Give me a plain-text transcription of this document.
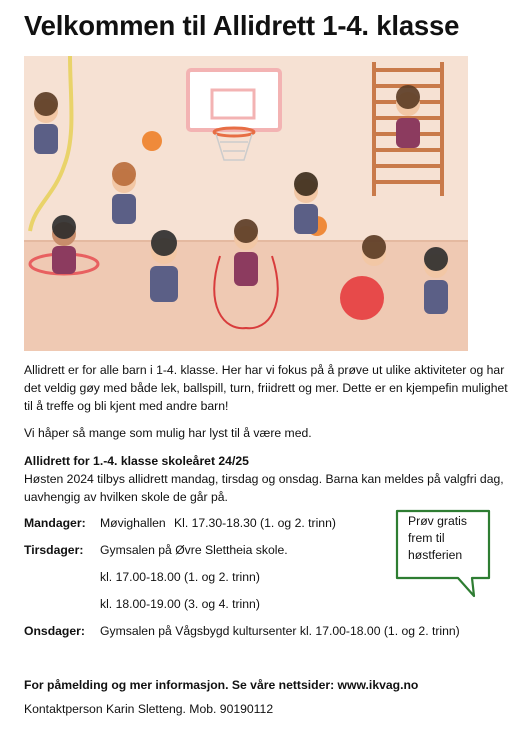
Velkommen til Allidrett 1-4. klasse
Allidrett er for alle barn i 1-4. klasse. Her har vi fokus på å prøve ut ulike aktiviteter og har det veldig gøy med både lek, ballspill, turn, friidrett og mer. Dette er en kjempefin mulighet til å treffe og bli kjent med andre barn!
Vi håper så mange som mulig har lyst til å være med.
Allidrett for 1.-4. klasse skoleåret 24/25
Høsten 2024 tilbys allidrett mandag, tirsdag og onsdag. Barna kan meldes på valgfri dag, uavhengig av hvilken skole de går på.
Mandager: Møvighallen Kl. 17.30-18.30 (1. og 2. trinn)
Tirsdager: Gymsalen på Øvre Slettheia skole.
kl. 17.00-18.00 (1. og 2. trinn)
kl. 18.00-19.00 (3. og 4. trinn)
Onsdager: Gymsalen på Vågsbygd kultursenter kl. 17.00-18.00 (1. og 2. trinn)
Prøv gratis
frem til
høstferien
For påmelding og mer informasjon. Se våre nettsider: www.ikvag.no
Kontaktperson Karin Sletteng. Mob. 90190112
